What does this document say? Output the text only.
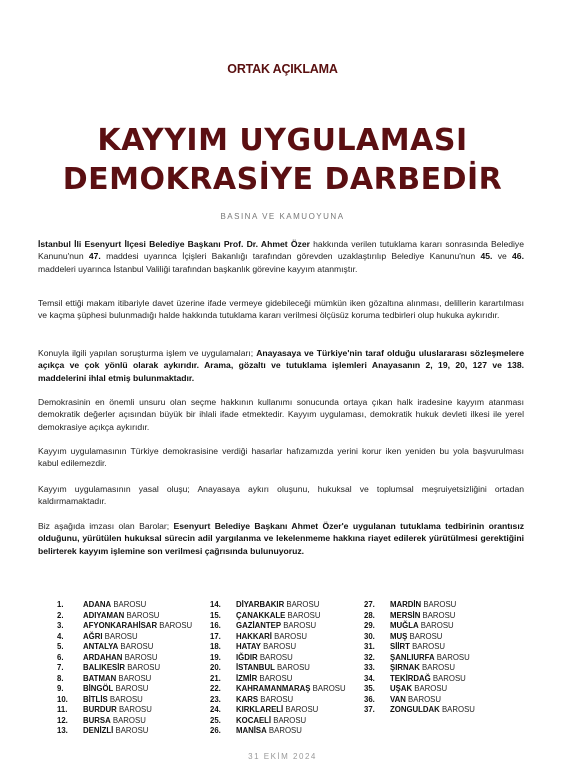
ORTAK AÇIKLAMA
KAYYIM UYGULAMASI
DEMOKRASİYE DARBEDİR
BASINA VE KAMUOYUNA
İstanbul İli Esenyurt İlçesi Belediye Başkanı Prof. Dr. Ahmet Özer hakkında verilen tutuklama kararı sonrasında Belediye Kanunu'nun 47. maddesi uyarınca İçişleri Bakanlığı tarafından görevden uzaklaştırılıp Belediye Kanunu'nun 45. ve 46. maddeleri uyarınca İstanbul Valiliği tarafından başkanlık görevine kayyım atanmıştır.
Temsil ettiği makam itibariyle davet üzerine ifade vermeye gidebileceği mümkün iken gözaltına alınması, delillerin karartılması ve kaçma şüphesi bulunmadığı halde hakkında tutuklama kararı verilmesi ölçüsüz koruma tedbirleri olup hukuka aykırıdır.
Konuyla ilgili yapılan soruşturma işlem ve uygulamaları; Anayasaya ve Türkiye'nin taraf olduğu uluslararası sözleşmelere açıkça ve çok yönlü olarak aykırıdır. Arama, gözaltı ve tutuklama işlemleri Anayasanın 2, 19, 20, 127 ve 138. maddelerini ihlal etmiş bulunmaktadır.
Demokrasinin en önemli unsuru olan seçme hakkının kullanımı sonucunda ortaya çıkan halk iradesine kayyım atanması demokratik değerler açısından büyük bir ihlali ifade etmektedir. Kayyım uygulaması, demokratik hukuk devleti ilkesi ile yerel demokrasiye açıkça aykırıdır.
Kayyım uygulamasının Türkiye demokrasisine verdiği hasarlar hafızamızda yerini korur iken yeniden bu yola başvurulması kabul edilemezdir.
Kayyım uygulamasının yasal oluşu; Anayasaya aykırı oluşunu, hukuksal ve toplumsal meşruiyetsizliğini ortadan kaldırmamaktadır.
Biz aşağıda imzası olan Barolar; Esenyurt Belediye Başkanı Ahmet Özer'e uygulanan tutuklama tedbirinin orantısız olduğunu, yürütülen hukuksal sürecin adil yargılanma ve lekelenmeme hakkına riayet edilerek yürütülmesi gerektiğini belirterek kayyım işlemine son verilmesi çağrısında bulunuyoruz.
1. ADANA BAROSU
2. ADIYAMAN BAROSU
3. AFYONKARAHİSAR BAROSU
4. AĞRI BAROSU
5. ANTALYA BAROSU
6. ARDAHAN BAROSU
7. BALIKESİR BAROSU
8. BATMAN BAROSU
9. BİNGÖL BAROSU
10. BİTLİS BAROSU
11. BURDUR BAROSU
12. BURSA BAROSU
13. DENİZLİ BAROSU
14. DİYARBAKIR BAROSU
15. ÇANAKKALE BAROSU
16. GAZİANTEP BAROSU
17. HAKKARİ BAROSU
18. HATAY BAROSU
19. IĞDIR BAROSU
20. İSTANBUL BAROSU
21. İZMİR BAROSU
22. KAHRAMANMARAŞ BAROSU
23. KARS BAROSU
24. KIRKLARELİ BAROSU
25. KOCAELİ BAROSU
26. MANİSA BAROSU
27. MARDİN BAROSU
28. MERSİN BAROSU
29. MUĞLA BAROSU
30. MUŞ BAROSU
31. SİİRT BAROSU
32. ŞANLIURFA BAROSU
33. ŞIRNAK BAROSU
34. TEKİRDAĞ BAROSU
35. UŞAK BAROSU
36. VAN BAROSU
37. ZONGULDAK BAROSU
31 EKİM 2024
